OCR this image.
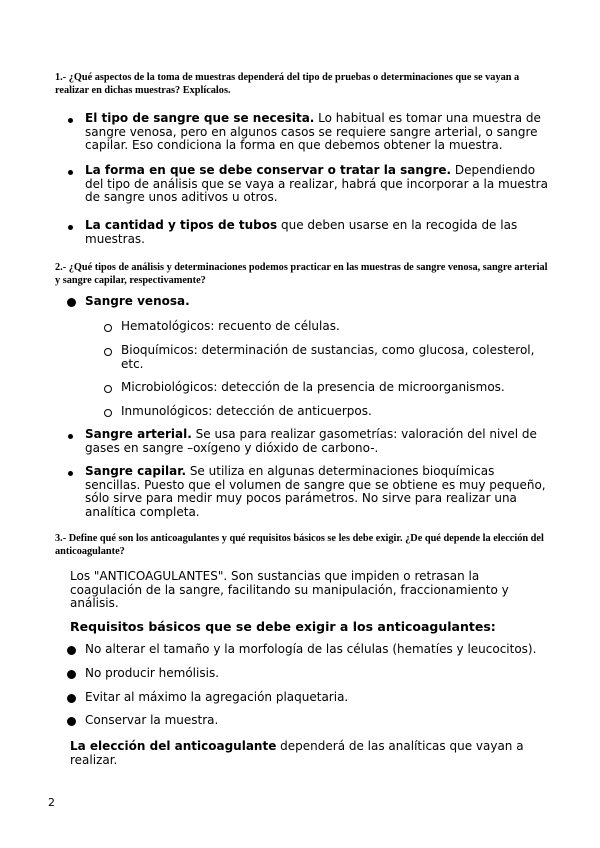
1.- ¿Qué aspectos de la toma de muestras dependerá del tipo de pruebas o determinaciones que se vayan a realizar en dichas muestras? Explícalos.
El tipo de sangre que se necesita. Lo habitual es tomar una muestra de sangre venosa, pero en algunos casos se requiere sangre arterial, o sangre capilar. Eso condiciona la forma en que debemos obtener la muestra.
La forma en que se debe conservar o tratar la sangre. Dependiendo del tipo de análisis que se vaya a realizar, habrá que incorporar a la muestra de sangre unos aditivos u otros.
La cantidad y tipos de tubos que deben usarse en la recogida de las muestras.
2.- ¿Qué tipos de análisis y determinaciones podemos practicar en las muestras de sangre venosa, sangre arterial y sangre capilar, respectivamente?
Sangre venosa.
Hematológicos: recuento de células.
Bioquímicos: determinación de sustancias, como glucosa, colesterol, etc.
Microbiológicos: detección de la presencia de microorganismos.
Inmunológicos: detección de anticuerpos.
Sangre arterial. Se usa para realizar gasometrías: valoración del nivel de gases en sangre –oxígeno y dióxido de carbono-.
Sangre capilar. Se utiliza en algunas determinaciones bioquímicas sencillas. Puesto que el volumen de sangre que se obtiene es muy pequeño, sólo sirve para medir muy pocos parámetros. No sirve para realizar una analítica completa.
3.- Define qué son los anticoagulantes y qué requisitos básicos se les debe exigir. ¿De qué depende la elección del anticoagulante?
Los "ANTICOAGULANTES". Son sustancias que impiden o retrasan la coagulación de la sangre, facilitando su manipulación, fraccionamiento y análisis.
Requisitos básicos que se debe exigir a los anticoagulantes:
No alterar el tamaño y la morfología de las células (hematíes y leucocitos).
No producir hemólisis.
Evitar al máximo la agregación plaquetaria.
Conservar la muestra.
La elección del anticoagulante dependerá de las analíticas que vayan a realizar.
2
